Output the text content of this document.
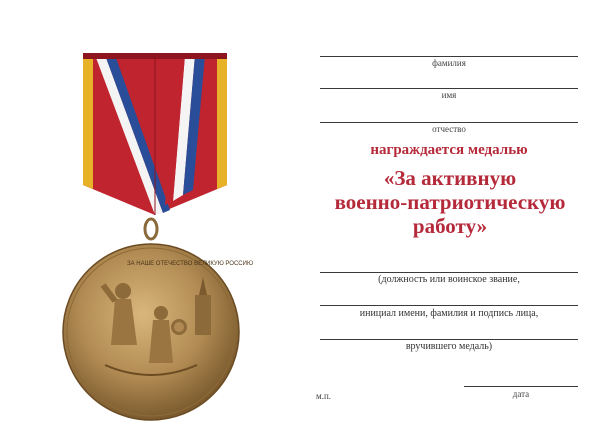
ЗА НАШЕ ОТЕЧЕСТВО ВЕЛИКУЮ РОССИЮ
фамилия
имя
отчество
награждается медалью
«За активную
военно-патриотическую
работу»
(должность или воинское звание,
инициал имени, фамилия и подпись лица,
вручившего медаль)
м.п.	дата
